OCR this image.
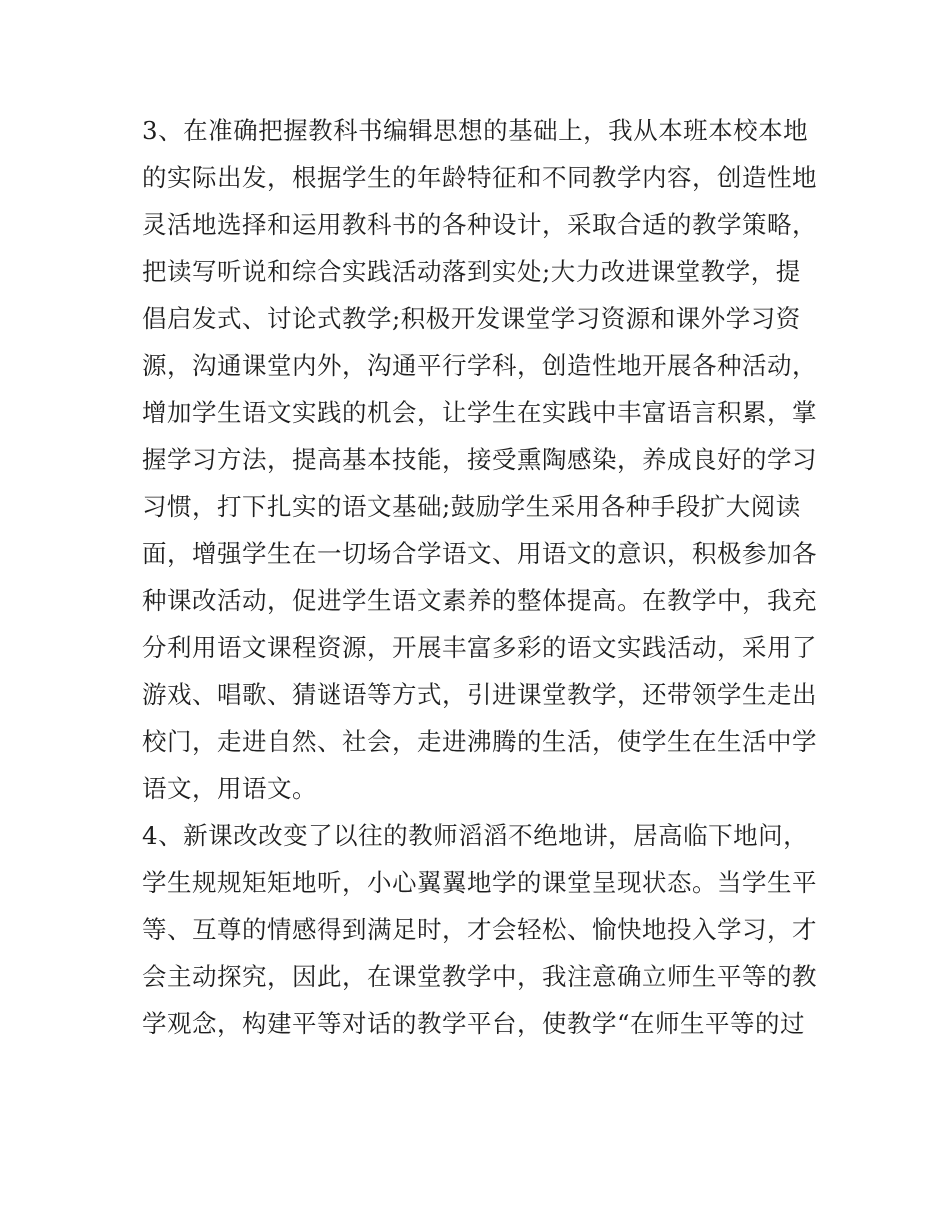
3、在准确把握教科书编辑思想的基础上，我从本班本校本地
的实际出发，根据学生的年龄特征和不同教学内容，创造性地
灵活地选择和运用教科书的各种设计，采取合适的教学策略，
把读写听说和综合实践活动落到实处;大力改进课堂教学，提
倡启发式、讨论式教学;积极开发课堂学习资源和课外学习资
源，沟通课堂内外，沟通平行学科，创造性地开展各种活动，
增加学生语文实践的机会，让学生在实践中丰富语言积累，掌
握学习方法，提高基本技能，接受熏陶感染，养成良好的学习
习惯，打下扎实的语文基础;鼓励学生采用各种手段扩大阅读
面，增强学生在一切场合学语文、用语文的意识，积极参加各
种课改活动，促进学生语文素养的整体提高。在教学中，我充
分利用语文课程资源，开展丰富多彩的语文实践活动，采用了
游戏、唱歌、猜谜语等方式，引进课堂教学，还带领学生走出
校门，走进自然、社会，走进沸腾的生活，使学生在生活中学
语文，用语文。
4、新课改改变了以往的教师滔滔不绝地讲，居高临下地问，
学生规规矩矩地听，小心翼翼地学的课堂呈现状态。当学生平
等、互尊的情感得到满足时，才会轻松、愉快地投入学习，才
会主动探究，因此，在课堂教学中，我注意确立师生平等的教
学观念，构建平等对话的教学平台，使教学“在师生平等的过
